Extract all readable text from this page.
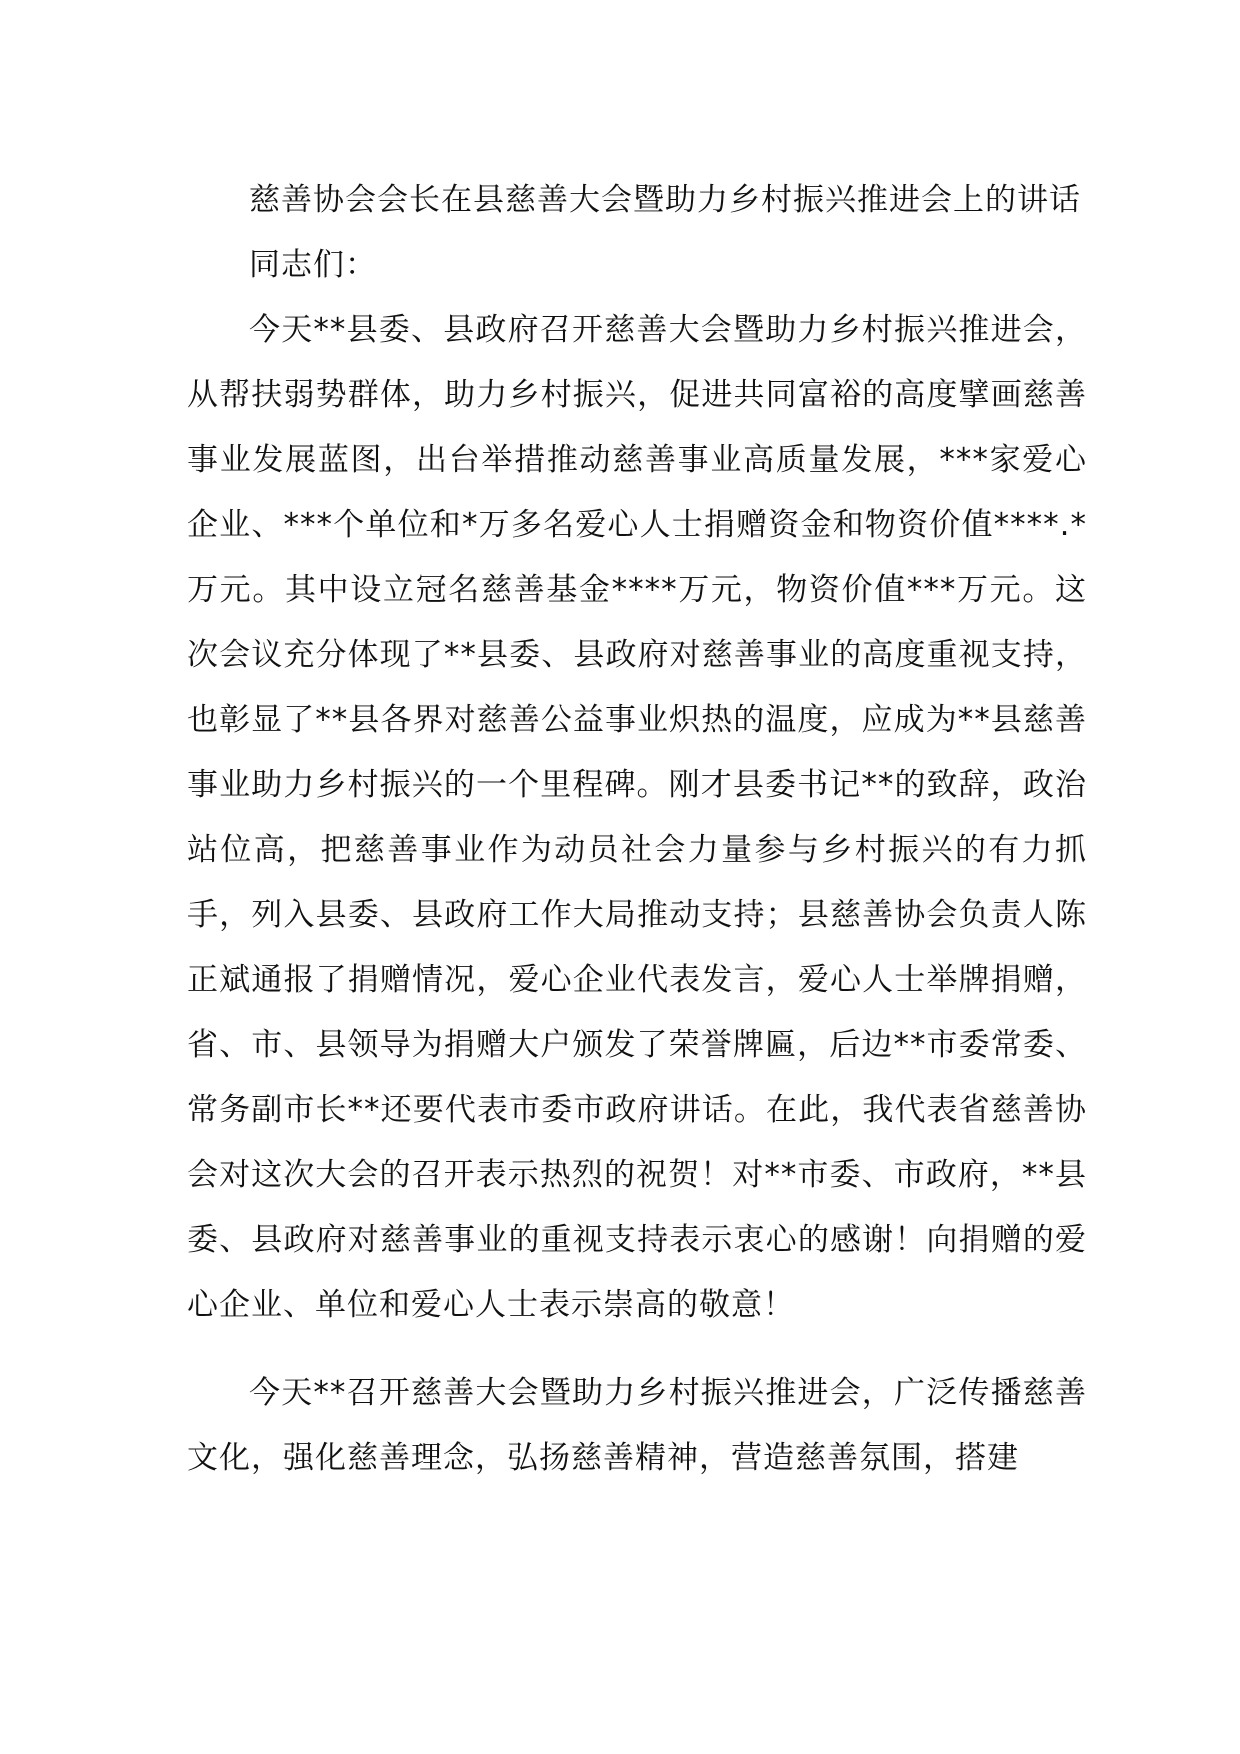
慈善协会会长在县慈善大会暨助力乡村振兴推进会上的讲话

同志们：

今天**县委、县政府召开慈善大会暨助力乡村振兴推进会，从帮扶弱势群体，助力乡村振兴，促进共同富裕的高度擘画慈善事业发展蓝图，出台举措推动慈善事业高质量发展，***家爱心企业、***个单位和*万多名爱心人士捐赠资金和物资价值****.*万元。其中设立冠名慈善基金****万元，物资价值***万元。这次会议充分体现了**县委、县政府对慈善事业的高度重视支持，也彰显了**县各界对慈善公益事业炽热的温度，应成为**县慈善事业助力乡村振兴的一个里程碑。刚才县委书记**的致辞，政治站位高，把慈善事业作为动员社会力量参与乡村振兴的有力抓手，列入县委、县政府工作大局推动支持；县慈善协会负责人陈正斌通报了捐赠情况，爱心企业代表发言，爱心人士举牌捐赠，省、市、县领导为捐赠大户颁发了荣誉牌匾，后边**市委常委、常务副市长**还要代表市委市政府讲话。在此，我代表省慈善协会对这次大会的召开表示热烈的祝贺！对**市委、市政府，**县委、县政府对慈善事业的重视支持表示衷心的感谢！向捐赠的爱心企业、单位和爱心人士表示崇高的敬意！

今天**召开慈善大会暨助力乡村振兴推进会，广泛传播慈善文化，强化慈善理念，弘扬慈善精神，营造慈善氛围，搭建
